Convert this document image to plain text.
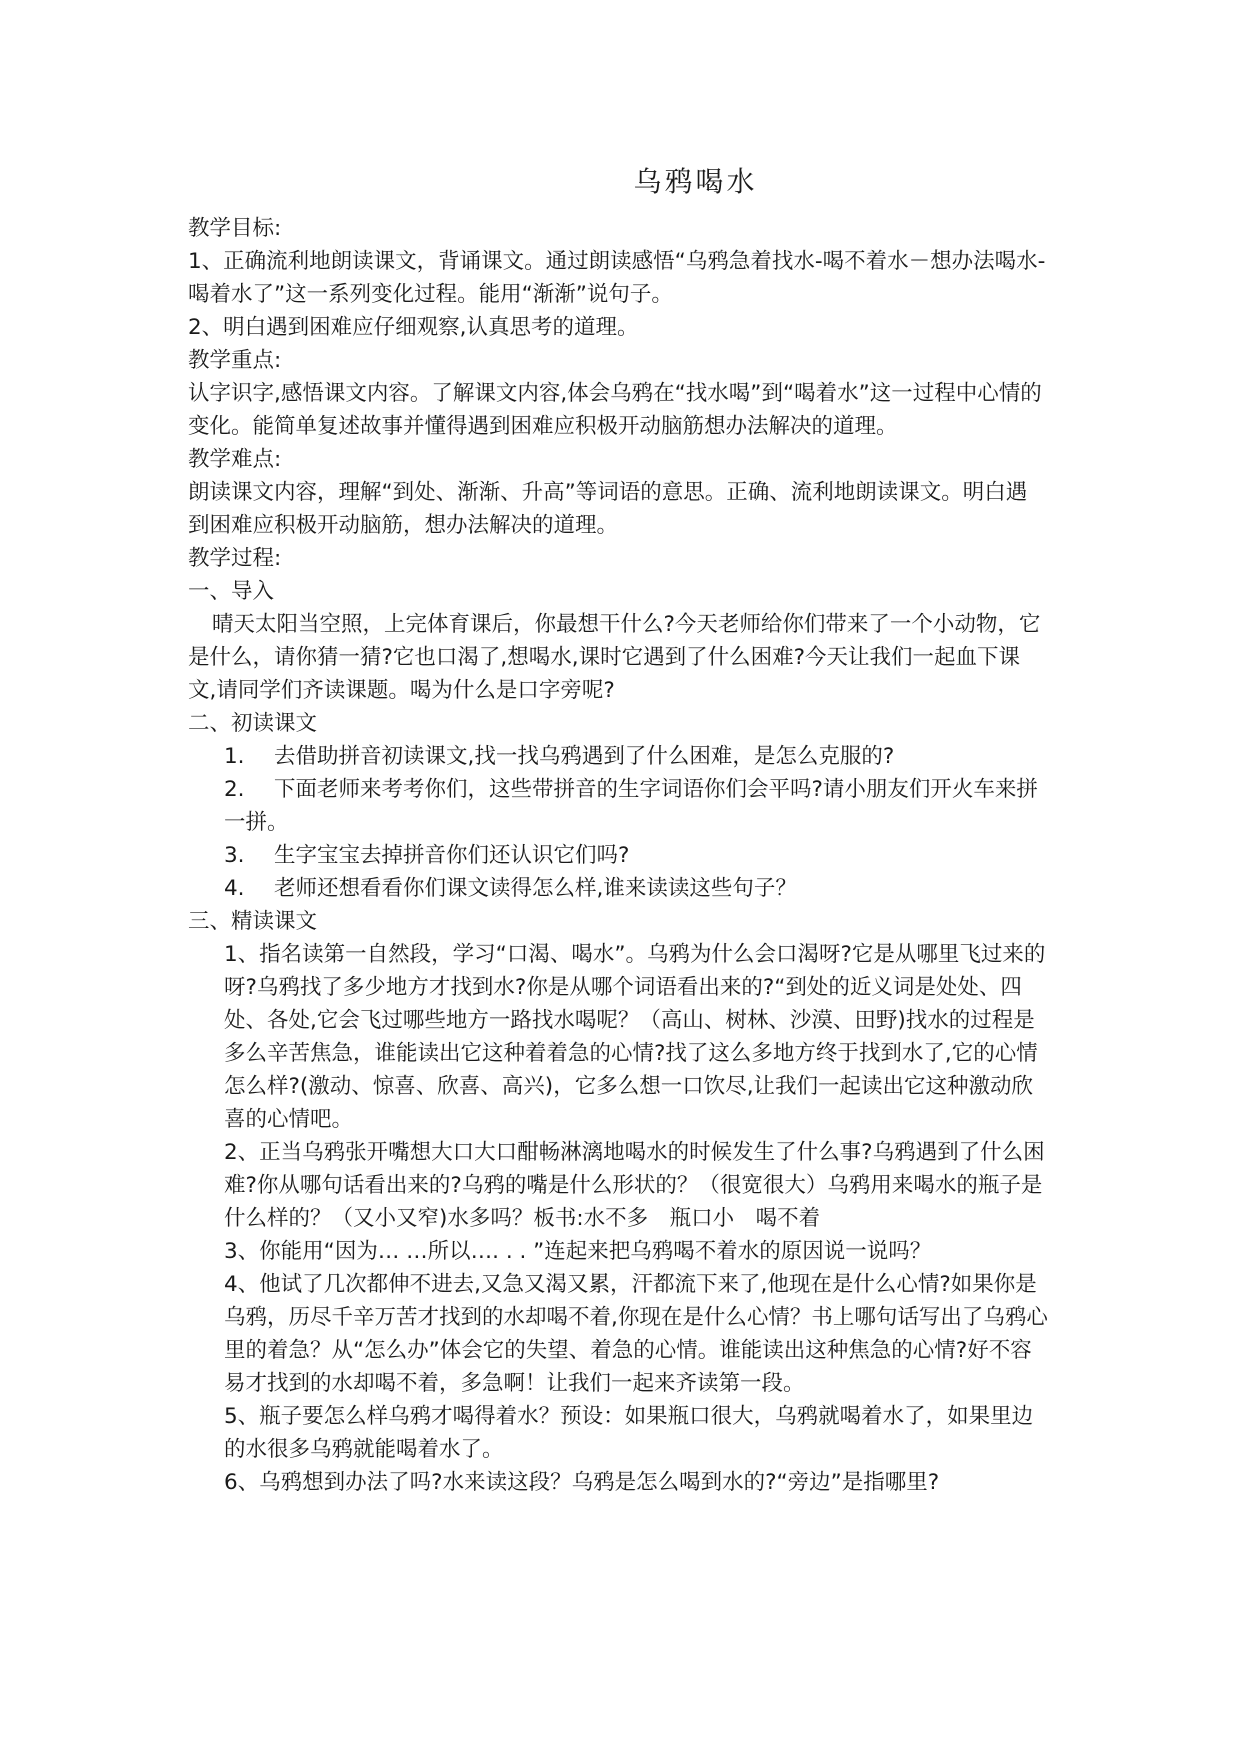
乌鸦喝水

教学目标:

1、正确流利地朗读课文，背诵课文。通过朗读感悟“乌鸦急着找水-喝不着水－想办法喝水-喝着水了”这一系列变化过程。能用“渐渐”说句子。

2、明白遇到困难应仔细观察,认真思考的道理。

教学重点:

认字识字,感悟课文内容。了解课文内容,体会乌鸦在“找水喝”到“喝着水”这一过程中心情的变化。能简单复述故事并懂得遇到困难应积极开动脑筋想办法解决的道理。

教学难点:

朗读课文内容，理解“到处、渐渐、升高”等词语的意思。正确、流利地朗读课文。明白遇到困难应积极开动脑筋，想办法解决的道理。

教学过程:

一、导入

晴天太阳当空照，上完体育课后，你最想干什么?今天老师给你们带来了一个小动物，它是什么，请你猜一猜?它也口渴了,想喝水,课时它遇到了什么困难?今天让我们一起血下课文,请同学们齐读课题。喝为什么是口字旁呢?

二、初读课文

1. 去借助拼音初读课文,找一找乌鸦遇到了什么困难，是怎么克服的?

2. 下面老师来考考你们，这些带拼音的生字词语你们会平吗?请小朋友们开火车来拼一拼。

3. 生字宝宝去掉拼音你们还认识它们吗?

4. 老师还想看看你们课文读得怎么样,谁来读读这些句子？

三、精读课文

1、指名读第一自然段，学习“口渴、喝水”。乌鸦为什么会口渴呀?它是从哪里飞过来的呀?乌鸦找了多少地方才找到水?你是从哪个词语看出来的?“到处的近义词是处处、四处、各处,它会飞过哪些地方一路找水喝呢？（高山、树林、沙漠、田野)找水的过程是多么辛苦焦急，谁能读出它这种着着急的心情?找了这么多地方终于找到水了,它的心情怎么样?(激动、惊喜、欣喜、高兴)，它多么想一口饮尽,让我们一起读出它这种激动欣喜的心情吧。

2、正当乌鸦张开嘴想大口大口酣畅淋漓地喝水的时候发生了什么事?乌鸦遇到了什么困难?你从哪句话看出来的?乌鸦的嘴是什么形状的？（很宽很大）乌鸦用来喝水的瓶子是什么样的？（又小又窄)水多吗？板书:水不多　瓶口小　喝不着

3、你能用“因为… …所以…. . . ”连起来把乌鸦喝不着水的原因说一说吗？

4、他试了几次都伸不进去,又急又渴又累，汗都流下来了,他现在是什么心情?如果你是乌鸦，历尽千辛万苦才找到的水却喝不着,你现在是什么心情？书上哪句话写出了乌鸦心里的着急？从“怎么办”体会它的失望、着急的心情。谁能读出这种焦急的心情?好不容易才找到的水却喝不着，多急啊！让我们一起来齐读第一段。

5、瓶子要怎么样乌鸦才喝得着水？预设：如果瓶口很大，乌鸦就喝着水了，如果里边的水很多乌鸦就能喝着水了。

6、乌鸦想到办法了吗?水来读这段？乌鸦是怎么喝到水的?“旁边”是指哪里?
